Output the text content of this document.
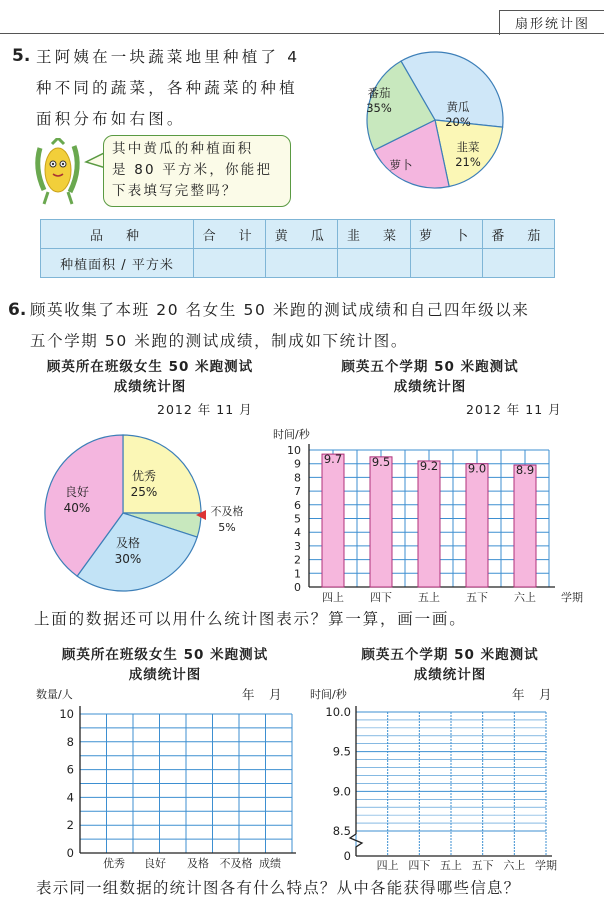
扇形统计图
5. 王阿姨在一块蔬菜地里种植了 4
种不同的蔬菜，各种蔬菜的种植
面积分布如右图。
其中黄瓜的种植面积
是 80 平方米，你能把
下表填写完整吗？
番茄
35%	黄瓜
20%
韭菜
21%
萝卜
品　种	合　计	黄　瓜	韭　菜	萝　卜	番　茄
种植面积 / 平方米					
6. 顾英收集了本班 20 名女生 50 米跑的测试成绩和自己四年级以来
五个学期 50 米跑的测试成绩，制成如下统计图。
顾英所在班级女生 50 米跑测试
成绩统计图
2012 年 11 月
顾英五个学期 50 米跑测试
成绩统计图
2012 年 11 月
优秀
25%
不及格
5%
及格
30%
良好
40%
0
1
2
3
4
5
6
7
8
9
10
时间/秒
学期
9.7
四上
9.5
四下
9.2
五上
9.0
五下
8.9
六上
上面的数据还可以用什么统计图表示？算一算，画一画。
顾英所在班级女生 50 米跑测试
成绩统计图
年　月
数量/人
10
8
6
4
2
0
优秀 良好 及格 不及格 成绩
顾英五个学期 50 米跑测试
成绩统计图
年　月
时间/秒
10.0
9.5
9.0
8.5
0
四上 四下 五上 五下 六上 学期
表示同一组数据的统计图各有什么特点？从中各能获得哪些信息？
